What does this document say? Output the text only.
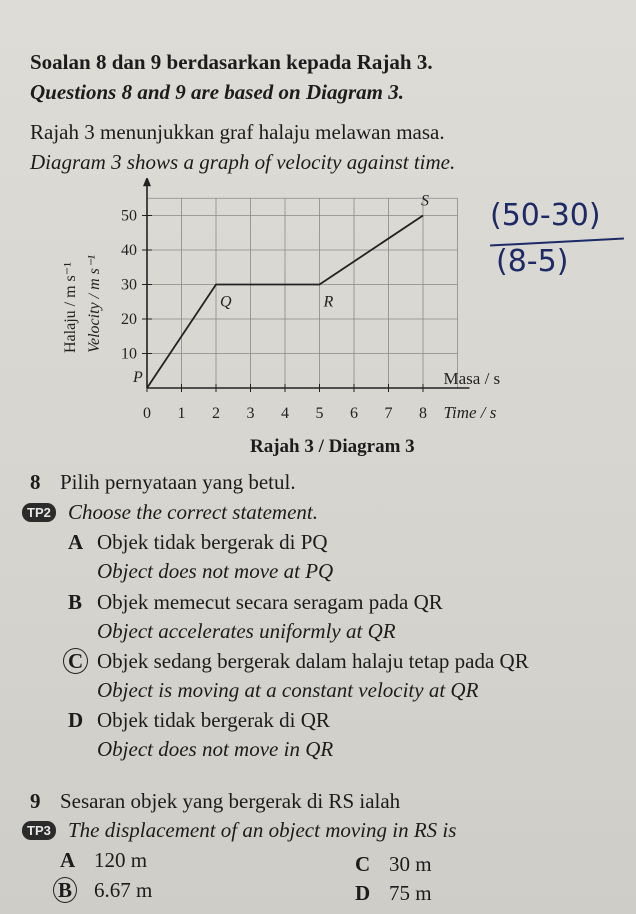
Soalan 8 dan 9 berdasarkan kepada Rajah 3.
Questions 8 and 9 are based on Diagram 3.
Rajah 3 menunjukkan graf halaju melawan masa.
Diagram 3 shows a graph of velocity against time.
(50-30)
(8-5)
0 1 2 3 4 5 6 7 8
10
20
30
40
50
P
Q	R
S
Masa / s
Time / s
Halaju / m s⁻¹ Velocity / m s⁻¹
Rajah 3 / Diagram 3
8 Pilih pernyataan yang betul.
TP2 Choose the correct statement.
A Objek tidak bergerak di PQ
Object does not move at PQ
B Objek memecut secara seragam pada QR
Object accelerates uniformly at QR
C Objek sedang bergerak dalam halaju tetap pada QR
Object is moving at a constant velocity at QR
D Objek tidak bergerak di QR
Object does not move in QR
9 Sesaran objek yang bergerak di RS ialah
TP3 The displacement of an object moving in RS is
A 120 m
B 6.67 m
C 30 m
D 75 m
